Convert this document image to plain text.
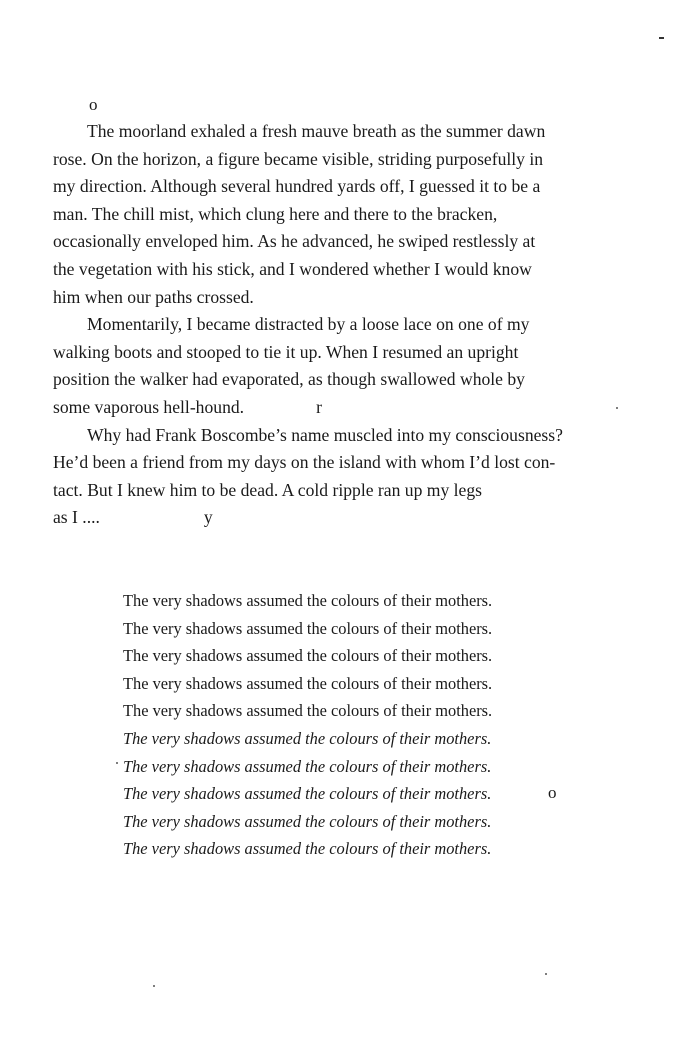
o

The moorland exhaled a fresh mauve breath as the summer dawn
rose. On the horizon, a figure became visible, striding purposefully in
my direction. Although several hundred yards off, I guessed it to be a
man. The chill mist, which clung here and there to the bracken,
occasionally enveloped him. As he advanced, he swiped restlessly at
the vegetation with his stick, and I wondered whether I would know
him when our paths crossed.

Momentarily, I became distracted by a loose lace on one of my
walking boots and stooped to tie it up. When I resumed an upright
position the walker had evaporated, as though swallowed whole by
some vaporous hell-hound.	r

Why had Frank Boscombe’s name muscled into my consciousness?
He’d been a friend from my days on the island with whom I’d lost con-
tact. But I knew him to be dead. A cold ripple ran up my legs
as I ....	y

The very shadows assumed the colours of their mothers.
The very shadows assumed the colours of their mothers.
The very shadows assumed the colours of their mothers.
The very shadows assumed the colours of their mothers.
The very shadows assumed the colours of their mothers.
The very shadows assumed the colours of their mothers.
The very shadows assumed the colours of their mothers.
The very shadows assumed the colours of their mothers.
The very shadows assumed the colours of their mothers.
The very shadows assumed the colours of their mothers.
o
